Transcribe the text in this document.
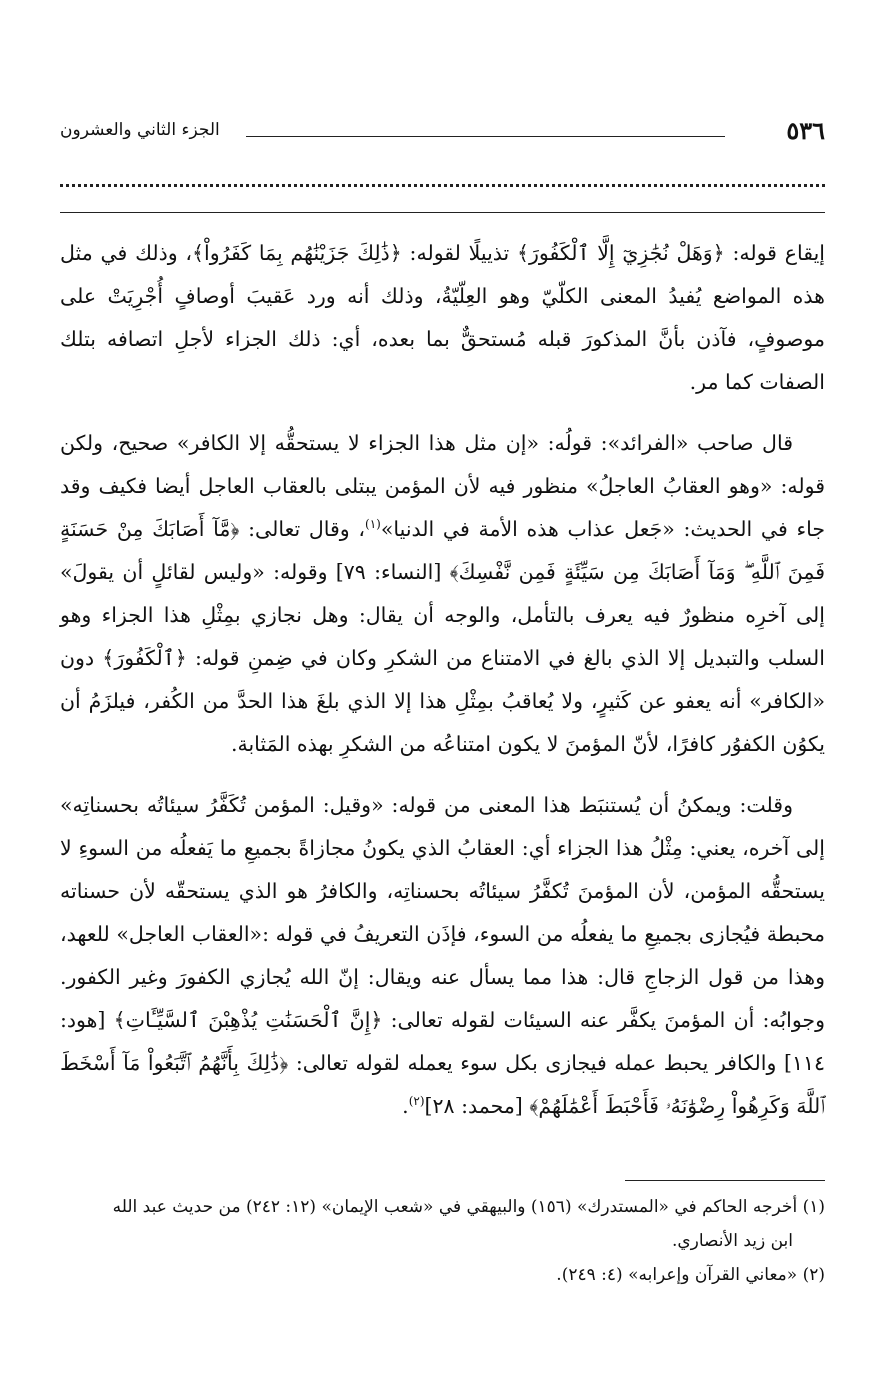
٥٣٦
الجزء الثاني والعشرون

إيقاع قوله: ﴿وَهَلْ نُجَٰزِيٓ إِلَّا ٱلْكَفُورَ﴾ تذييلًا لقوله: ﴿ذَٰلِكَ جَزَيْنَٰهُم بِمَا كَفَرُواْ﴾، وذلك في مثل هذه المواضع يُفيدُ المعنى الكلّيّ وهو العِلّيّةُ، وذلك أنه ورد عَقيبَ أوصافٍ أُجْرِيَتْ على موصوفٍ، فآذن بأنَّ المذكورَ قبله مُستحقٌّ بما بعده، أي: ذلك الجزاء لأجلِ اتصافه بتلك الصفات كما مر.

قال صاحب «الفرائد»: قولُه: «إن مثل هذا الجزاء لا يستحقُّه إلا الكافر» صحيح، ولكن قوله: «وهو العقابُ العاجلُ» منظور فيه لأن المؤمن يبتلى بالعقاب العاجل أيضا فكيف وقد جاء في الحديث: «جَعل عذاب هذه الأمة في الدنيا»$^{(١)}$، وقال تعالى: ﴿مَّآ أَصَابَكَ مِنْ حَسَنَةٍ فَمِنَ ٱللَّهِ ۖ وَمَآ أَصَابَكَ مِن سَيِّئَةٍ فَمِن نَّفْسِكَ﴾ [النساء: ٧٩] وقوله: «وليس لقائلٍ أن يقولَ» إلى آخرِه منظورٌ فيه يعرف بالتأمل، والوجه أن يقال: وهل نجازي بمِثْلِ هذا الجزاء وهو السلب والتبديل إلا الذي بالغ في الامتناع من الشكرِ وكان في ضِمنِ قوله: ﴿ٱلْكَفُورَ﴾ دون «الكافر» أنه يعفو عن كَثيرٍ، ولا يُعاقبُ بمِثْلِ هذا إلا الذي بلغَ هذا الحدَّ من الكُفر، فيلزَمُ أن يكوُن الكفوُر كافرًا، لأنّ المؤمنَ لا يكون امتناعُه من الشكرِ بهذه المَثابة.

وقلت: ويمكنُ أن يُستنبَط هذا المعنى من قوله: «وقيل: المؤمن تُكَفَّرُ سيئاتُه بحسناتِه» إلى آخره، يعني: مِثْلُ هذا الجزاء أي: العقابُ الذي يكونُ مجازاةً بجميعِ ما يَفعلُه من السوءِ لا يستحقُّه المؤمن، لأن المؤمنَ تُكفَّرُ سيئاتُه بحسناتِه، والكافرُ هو الذي يستحقّه لأن حسناته محبطة فيُجازى بجميعِ ما يفعلُه من السوء، فإذَن التعريفُ في قوله :«العقاب العاجل» للعهد، وهذا من قول الزجاجِ قال: هذا مما يسأل عنه ويقال: إنّ الله يُجازي الكفورَ وغير الكفور. وجوابُه: أن المؤمنَ يكفَّر عنه السيئات لقوله تعالى: ﴿إِنَّ ٱلْحَسَنَٰتِ يُذْهِبْنَ ٱلسَّيِّـَٔاتِ﴾ [هود: ١١٤] والكافر يحبط عمله فيجازى بكل سوء يعمله لقوله تعالى: ﴿ذَٰلِكَ بِأَنَّهُمُ ٱتَّبَعُواْ مَآ أَسْخَطَ ٱللَّهَ وَكَرِهُواْ رِضْوَٰنَهُۥ فَأَحْبَطَ أَعْمَٰلَهُمْ﴾ [محمد: ٢٨]$^{(٢)}$.

(١) أخرجه الحاكم في «المستدرك» (١٥٦) والبيهقي في «شعب الإيمان» (١٢: ٢٤٢) من حديث عبد الله

ابن زيد الأنصاري.

(٢) «معاني القرآن وإعرابه» (٤: ٢٤٩).
